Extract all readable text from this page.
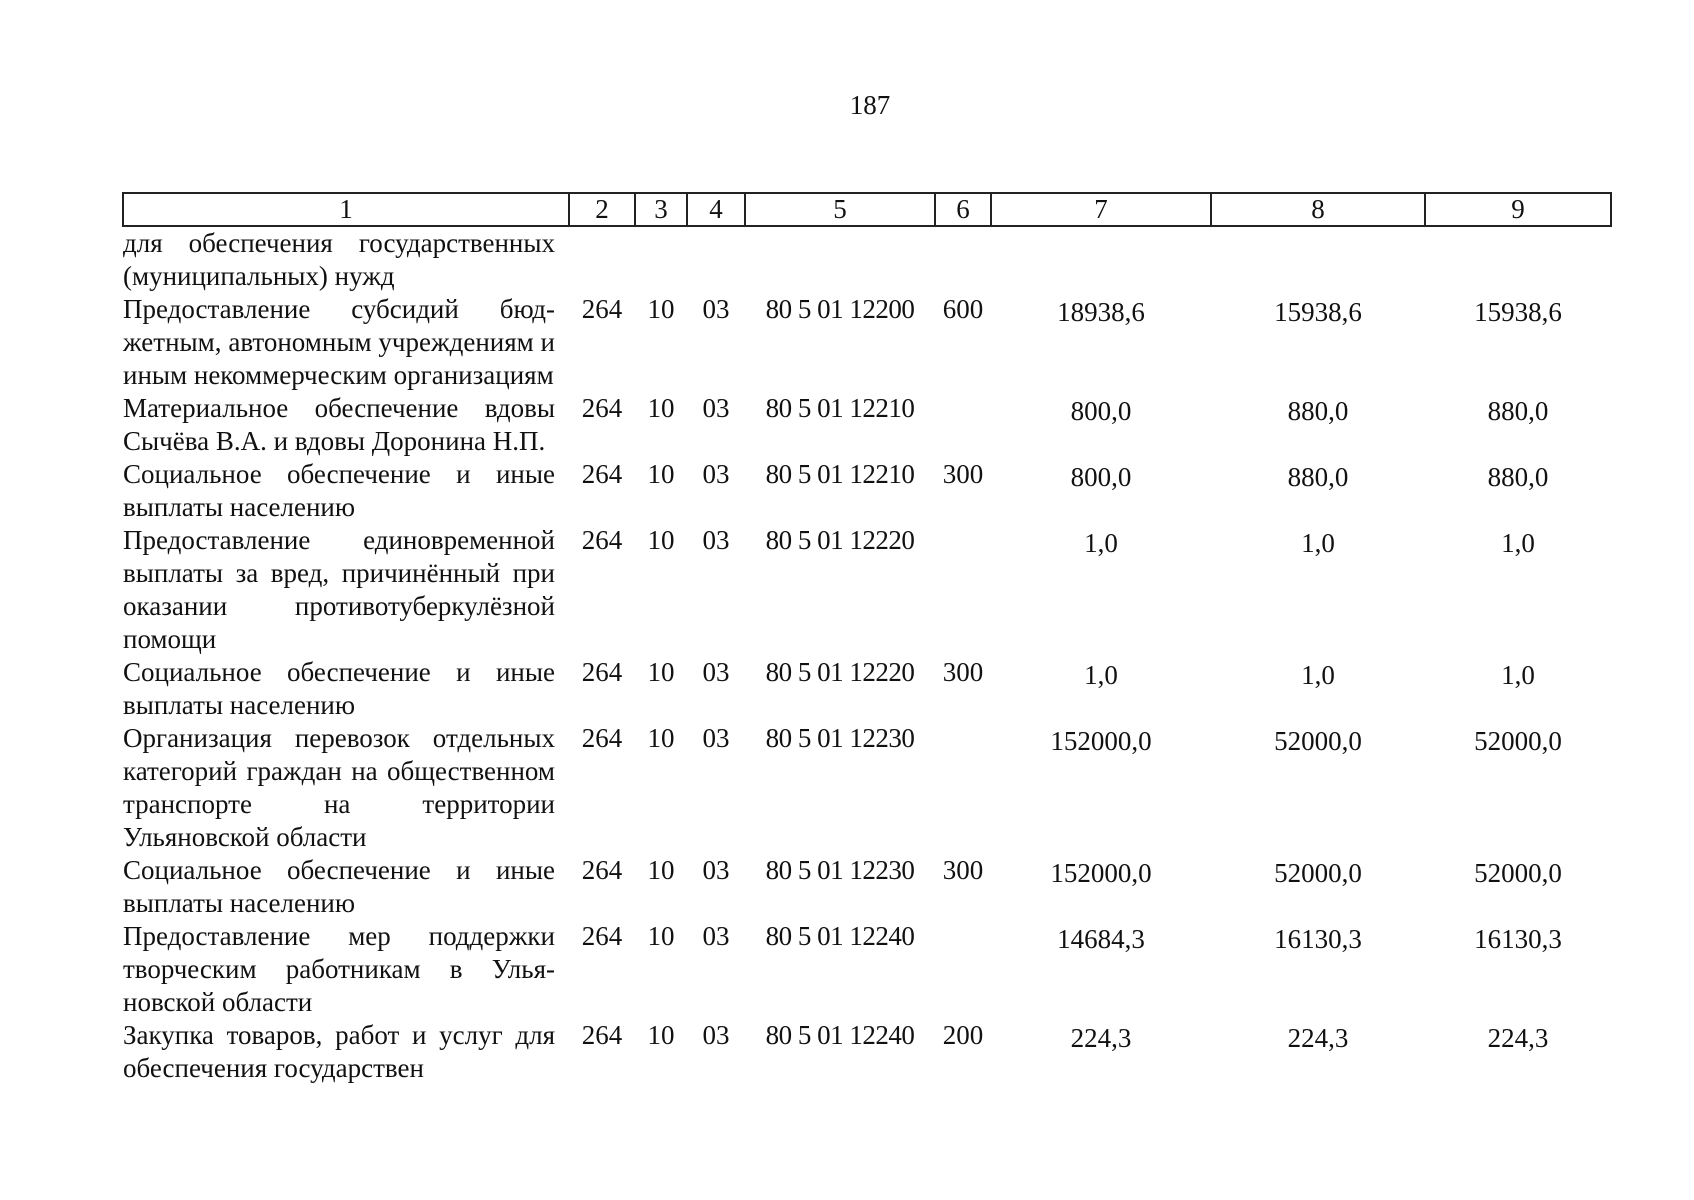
187
1	2	3	4	5	6	7	8	9
для обеспечения государственных (муниципальных) нужд								
Предоставление субсидий бюджетным, автономным учреждениям и иным некоммерческим организациям	264	10	03	80 5 01 12200	600	18938,6	15938,6	15938,6
Материальное обеспечение вдовы Сычёва В.А. и вдовы Доронина Н.П.	264	10	03	80 5 01 12210		800,0	880,0	880,0
Социальное обеспечение и иные выплаты населению	264	10	03	80 5 01 12210	300	800,0	880,0	880,0
Предоставление единовременной выплаты за вред, причинённый при оказании противотуберкулёзной помощи	264	10	03	80 5 01 12220		1,0	1,0	1,0
Социальное обеспечение и иные выплаты населению	264	10	03	80 5 01 12220	300	1,0	1,0	1,0
Организация перевозок отдельных категорий граждан на общественном транспорте на территории Ульяновской области	264	10	03	80 5 01 12230		152000,0	52000,0	52000,0
Социальное обеспечение и иные выплаты населению	264	10	03	80 5 01 12230	300	152000,0	52000,0	52000,0
Предоставление мер поддержки творческим работникам в Ульяновской области	264	10	03	80 5 01 12240		14684,3	16130,3	16130,3
Закупка товаров, работ и услуг для обеспечения государствен	264	10	03	80 5 01 12240	200	224,3	224,3	224,3
